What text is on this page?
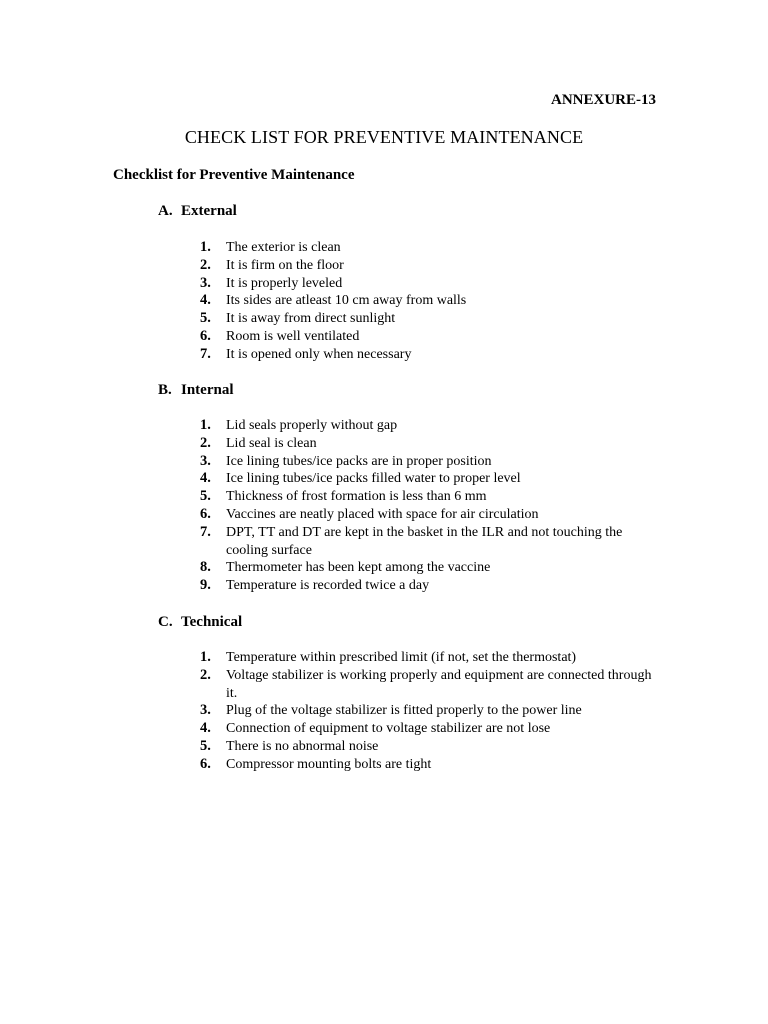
ANNEXURE-13
CHECK LIST FOR PREVENTIVE MAINTENANCE
Checklist for Preventive Maintenance
A. External
1. The exterior is clean
2. It is firm on the floor
3. It is properly leveled
4. Its sides are atleast 10 cm away from walls
5. It is away from direct sunlight
6. Room is well ventilated
7. It is opened only when necessary
B. Internal
1. Lid seals properly without gap
2. Lid seal is clean
3. Ice lining tubes/ice packs are in proper position
4. Ice lining tubes/ice packs filled water to proper level
5. Thickness of frost formation is less than 6 mm
6. Vaccines are neatly placed with space for air circulation
7. DPT, TT and DT are kept in the basket in the ILR and not touching the cooling surface
8. Thermometer has been kept among the vaccine
9. Temperature is recorded twice a day
C. Technical
1. Temperature within prescribed limit (if not, set the thermostat)
2. Voltage stabilizer is working properly and equipment are connected through it.
3. Plug of the voltage stabilizer is fitted properly to the power line
4. Connection of equipment to voltage stabilizer are not lose
5. There is no abnormal noise
6. Compressor mounting bolts are tight
